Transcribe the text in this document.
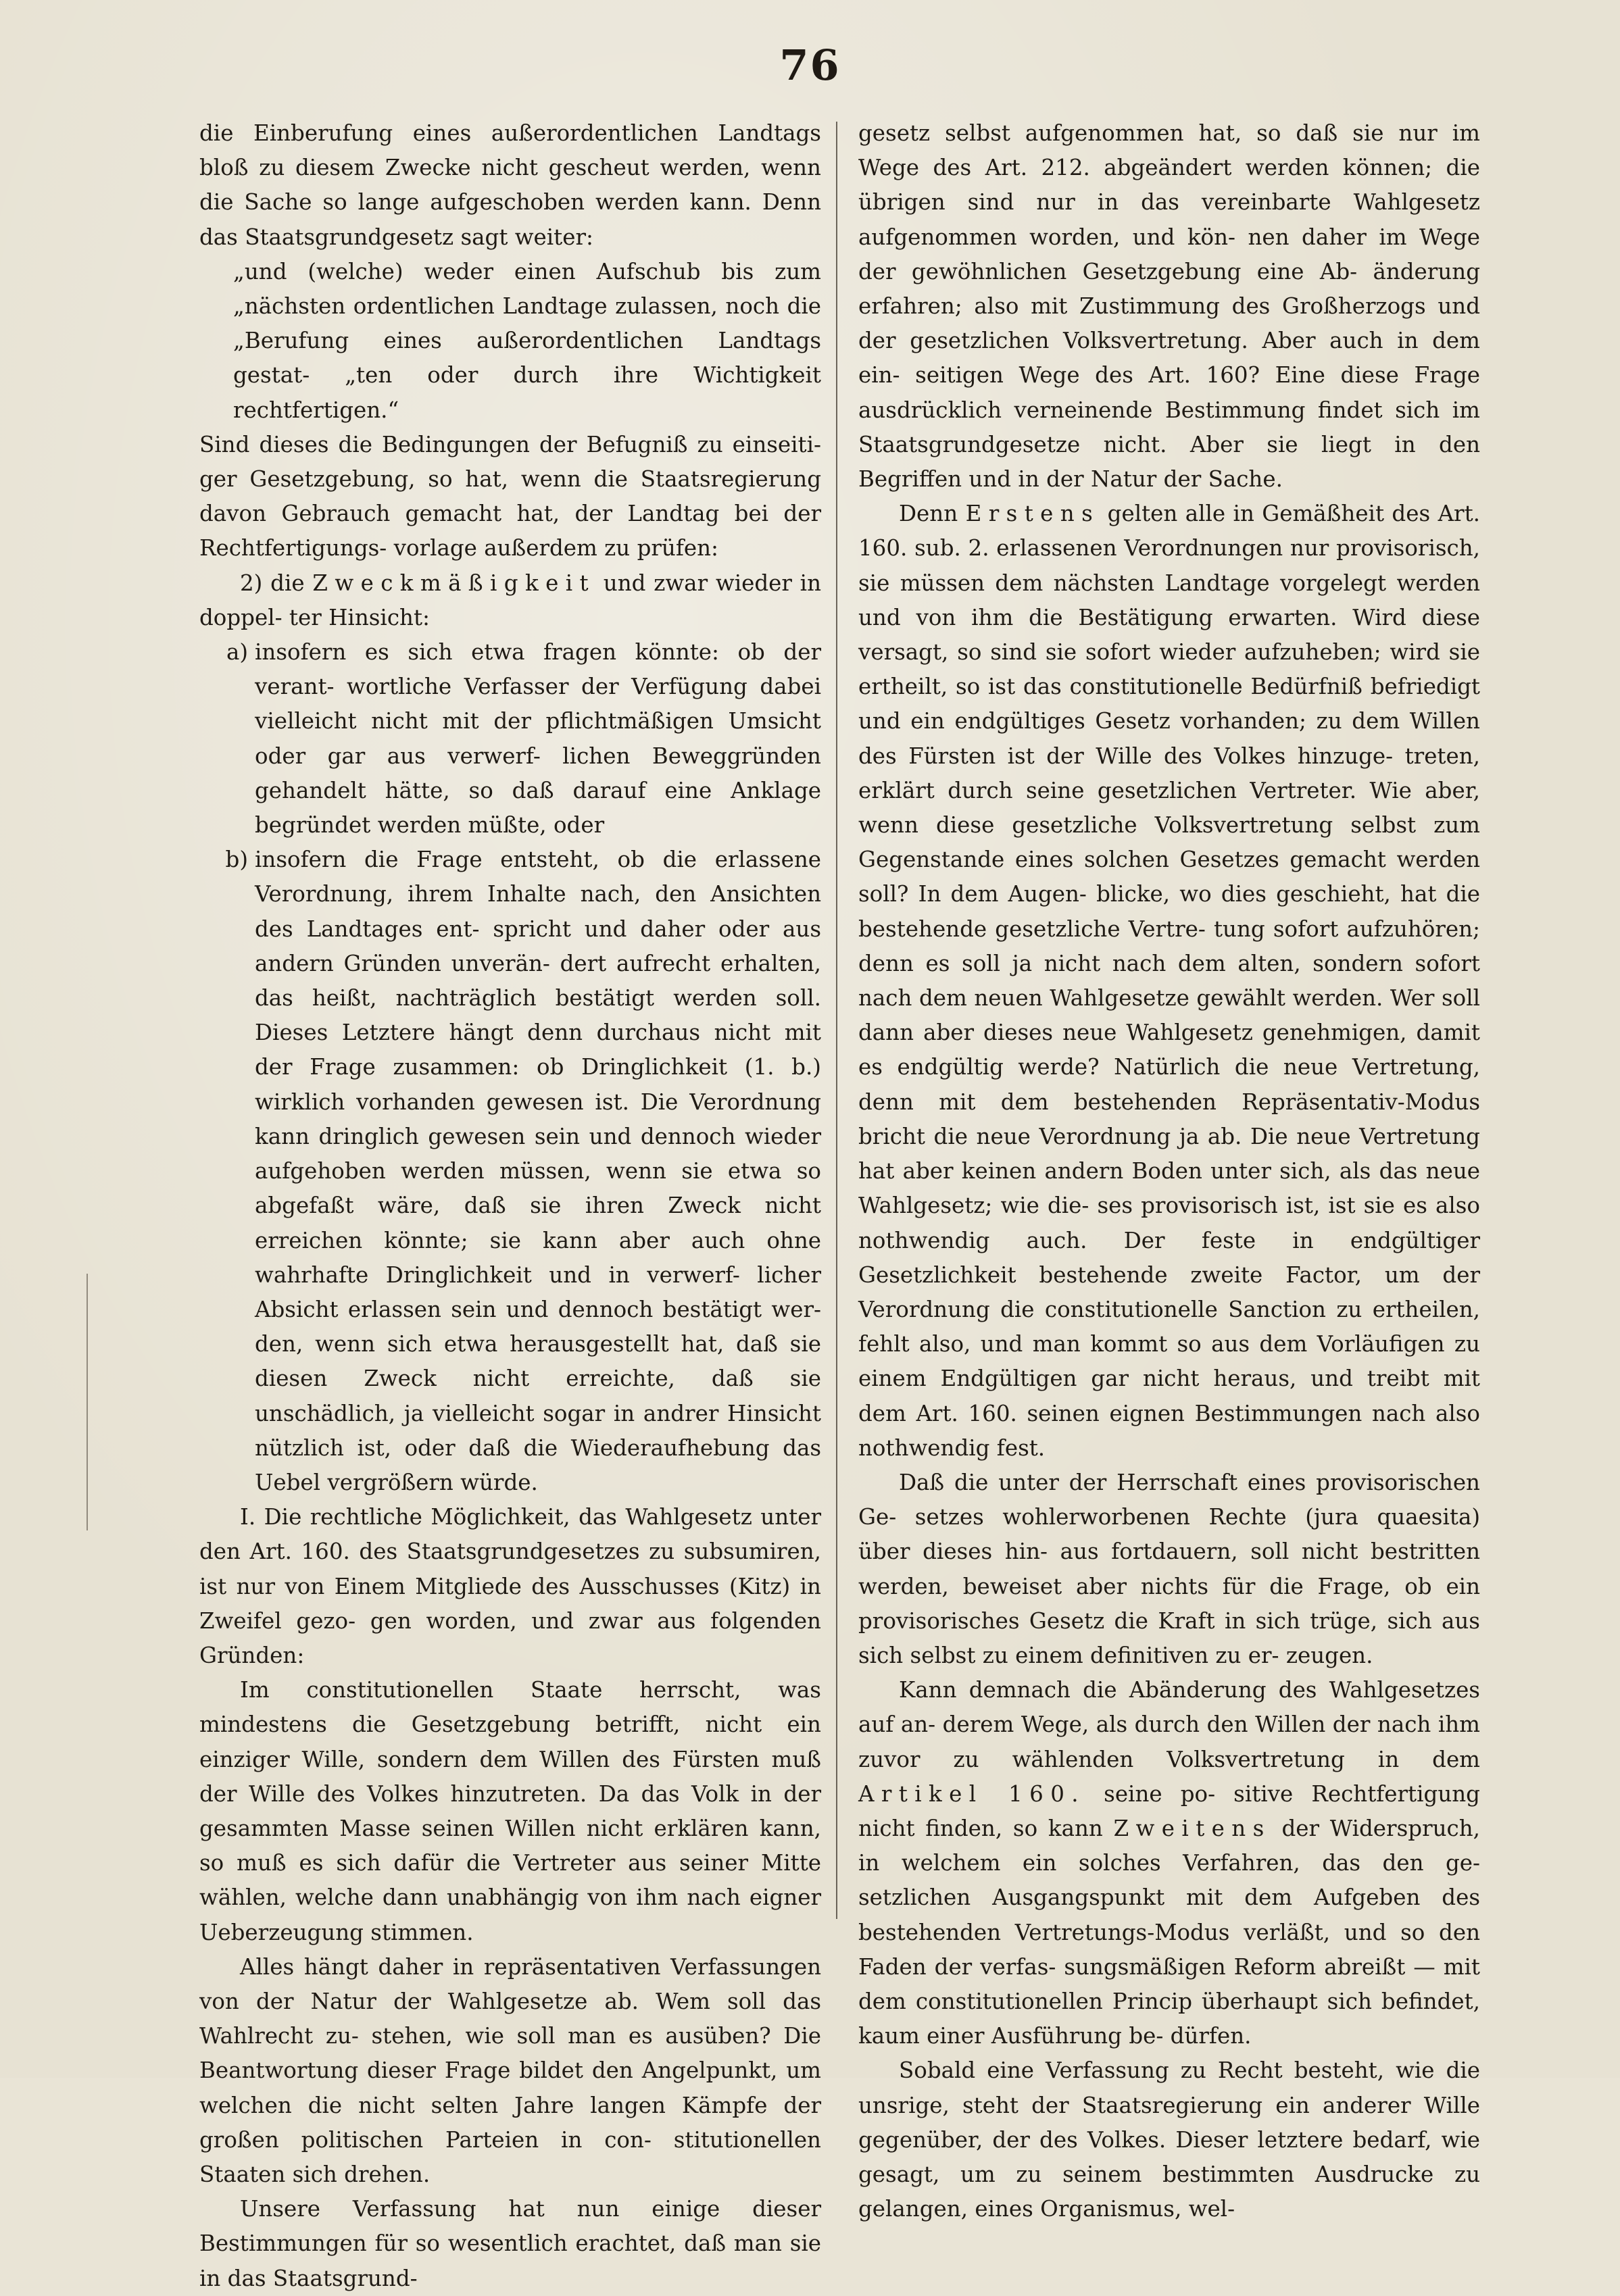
76

die Einberufung eines außerordentlichen Landtags bloß zu diesem Zwecke nicht gescheut werden, wenn die Sache so lange aufgeschoben werden kann. Denn das Staatsgrundgesetz sagt weiter:

„und (welche) weder einen Aufschub bis zum „nächsten ordentlichen Landtage zulassen, noch die „Berufung eines außerordentlichen Landtags gestat- „ten oder durch ihre Wichtigkeit rechtfertigen.“

Sind dieses die Bedingungen der Befugniß zu einseiti- ger Gesetzgebung, so hat, wenn die Staatsregierung davon Gebrauch gemacht hat, der Landtag bei der Rechtfertigungs- vorlage außerdem zu prüfen:

2) die Zweckmäßigkeit und zwar wieder in doppel- ter Hinsicht:

a) insofern es sich etwa fragen könnte: ob der verant- wortliche Verfasser der Verfügung dabei vielleicht nicht mit der pflichtmäßigen Umsicht oder gar aus verwerf- lichen Beweggründen gehandelt hätte, so daß darauf eine Anklage begründet werden müßte, oder

b) insofern die Frage entsteht, ob die erlassene Verordnung, ihrem Inhalte nach, den Ansichten des Landtages ent- spricht und daher oder aus andern Gründen unverän- dert aufrecht erhalten, das heißt, nachträglich bestätigt werden soll. Dieses Letztere hängt denn durchaus nicht mit der Frage zusammen: ob Dringlichkeit (1. b.) wirklich vorhanden gewesen ist. Die Verordnung kann dringlich gewesen sein und dennoch wieder aufgehoben werden müssen, wenn sie etwa so abgefaßt wäre, daß sie ihren Zweck nicht erreichen könnte; sie kann aber auch ohne wahrhafte Dringlichkeit und in verwerf- licher Absicht erlassen sein und dennoch bestätigt wer- den, wenn sich etwa herausgestellt hat, daß sie diesen Zweck nicht erreichte, daß sie unschädlich, ja vielleicht sogar in andrer Hinsicht nützlich ist, oder daß die Wiederaufhebung das Uebel vergrößern würde.

I. Die rechtliche Möglichkeit, das Wahlgesetz unter den Art. 160. des Staatsgrundgesetzes zu subsumiren, ist nur von Einem Mitgliede des Ausschusses (Kitz) in Zweifel gezo- gen worden, und zwar aus folgenden Gründen:

Im constitutionellen Staate herrscht, was mindestens die Gesetzgebung betrifft, nicht ein einziger Wille, sondern dem Willen des Fürsten muß der Wille des Volkes hinzutreten. Da das Volk in der gesammten Masse seinen Willen nicht erklären kann, so muß es sich dafür die Vertreter aus seiner Mitte wählen, welche dann unabhängig von ihm nach eigner Ueberzeugung stimmen.

Alles hängt daher in repräsentativen Verfassungen von der Natur der Wahlgesetze ab. Wem soll das Wahlrecht zu- stehen, wie soll man es ausüben? Die Beantwortung dieser Frage bildet den Angelpunkt, um welchen die nicht selten Jahre langen Kämpfe der großen politischen Parteien in con- stitutionellen Staaten sich drehen.

Unsere Verfassung hat nun einige dieser Bestimmungen für so wesentlich erachtet, daß man sie in das Staatsgrund-

gesetz selbst aufgenommen hat, so daß sie nur im Wege des Art. 212. abgeändert werden können; die übrigen sind nur in das vereinbarte Wahlgesetz aufgenommen worden, und kön- nen daher im Wege der gewöhnlichen Gesetzgebung eine Ab- änderung erfahren; also mit Zustimmung des Großherzogs und der gesetzlichen Volksvertretung. Aber auch in dem ein- seitigen Wege des Art. 160? Eine diese Frage ausdrücklich verneinende Bestimmung findet sich im Staatsgrundgesetze nicht. Aber sie liegt in den Begriffen und in der Natur der Sache.

Denn Erstens gelten alle in Gemäßheit des Art. 160. sub. 2. erlassenen Verordnungen nur provisorisch, sie müssen dem nächsten Landtage vorgelegt werden und von ihm die Bestätigung erwarten. Wird diese versagt, so sind sie sofort wieder aufzuheben; wird sie ertheilt, so ist das constitutionelle Bedürfniß befriedigt und ein endgültiges Gesetz vorhanden; zu dem Willen des Fürsten ist der Wille des Volkes hinzuge- treten, erklärt durch seine gesetzlichen Vertreter. Wie aber, wenn diese gesetzliche Volksvertretung selbst zum Gegenstande eines solchen Gesetzes gemacht werden soll? In dem Augen- blicke, wo dies geschieht, hat die bestehende gesetzliche Vertre- tung sofort aufzuhören; denn es soll ja nicht nach dem alten, sondern sofort nach dem neuen Wahlgesetze gewählt werden. Wer soll dann aber dieses neue Wahlgesetz genehmigen, damit es endgültig werde? Natürlich die neue Vertretung, denn mit dem bestehenden Repräsentativ-Modus bricht die neue Verordnung ja ab. Die neue Vertretung hat aber keinen andern Boden unter sich, als das neue Wahlgesetz; wie die- ses provisorisch ist, ist sie es also nothwendig auch. Der feste in endgültiger Gesetzlichkeit bestehende zweite Factor, um der Verordnung die constitutionelle Sanction zu ertheilen, fehlt also, und man kommt so aus dem Vorläufigen zu einem Endgültigen gar nicht heraus, und treibt mit dem Art. 160. seinen eignen Bestimmungen nach also nothwendig fest.

Daß die unter der Herrschaft eines provisorischen Ge- setzes wohlerworbenen Rechte (jura quaesita) über dieses hin- aus fortdauern, soll nicht bestritten werden, beweiset aber nichts für die Frage, ob ein provisorisches Gesetz die Kraft in sich trüge, sich aus sich selbst zu einem definitiven zu er- zeugen.

Kann demnach die Abänderung des Wahlgesetzes auf an- derem Wege, als durch den Willen der nach ihm zuvor zu wählenden Volksvertretung in dem Artikel 160. seine po- sitive Rechtfertigung nicht finden, so kann Zweitens der Widerspruch, in welchem ein solches Verfahren, das den ge- setzlichen Ausgangspunkt mit dem Aufgeben des bestehenden Vertretungs-Modus verläßt, und so den Faden der verfas- sungsmäßigen Reform abreißt — mit dem constitutionellen Princip überhaupt sich befindet, kaum einer Ausführung be- dürfen.

Sobald eine Verfassung zu Recht besteht, wie die unsrige, steht der Staatsregierung ein anderer Wille gegenüber, der des Volkes. Dieser letztere bedarf, wie gesagt, um zu seinem bestimmten Ausdrucke zu gelangen, eines Organismus, wel-
